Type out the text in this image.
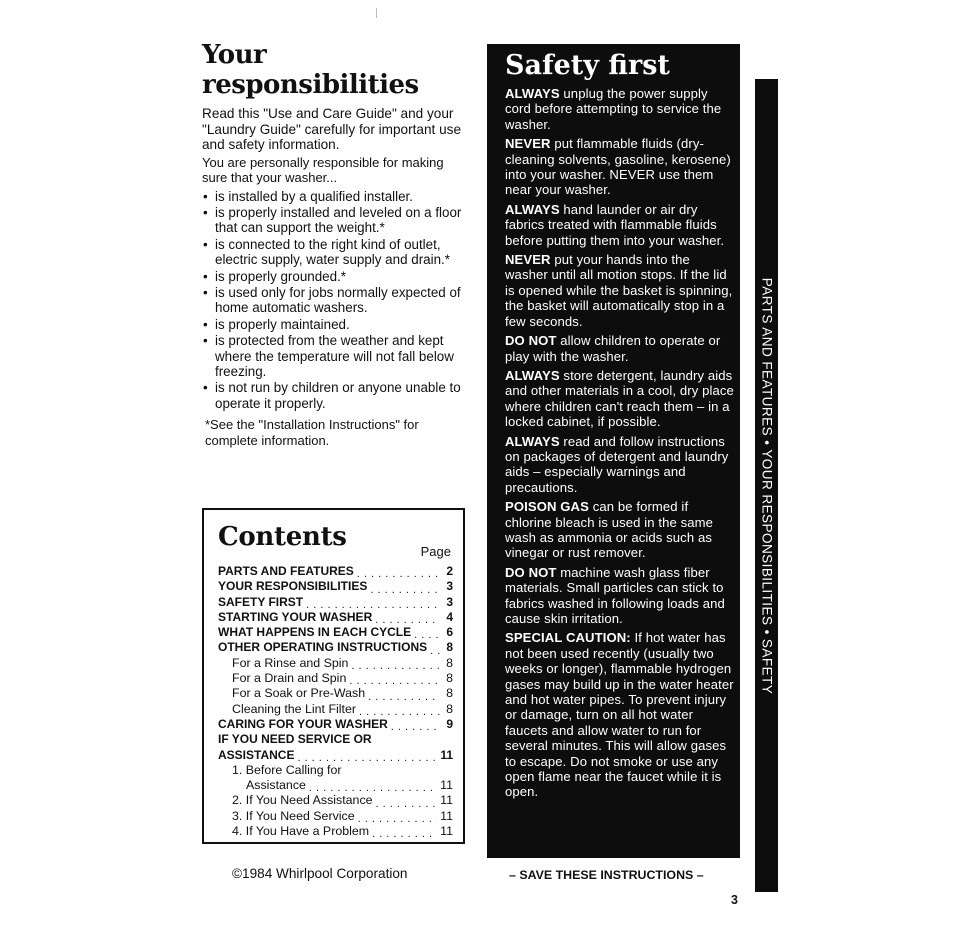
Your responsibilities

Read this "Use and Care Guide" and your "Laundry Guide" carefully for important use and safety information.

You are personally responsible for making sure that your washer...

• is installed by a qualified installer.
• is properly installed and leveled on a floor that can support the weight.*
• is connected to the right kind of outlet, electric supply, water supply and drain.*
• is properly grounded.*
• is used only for jobs normally expected of home automatic washers.
• is properly maintained.
• is protected from the weather and kept where the temperature will not fall below freezing.
• is not run by children or anyone unable to operate it properly.

*See the "Installation Instructions" for complete information.

Contents	Page
PARTS AND FEATURES . . .	2
YOUR RESPONSIBILITIES . . .	3
SAFETY FIRST . . .	3
STARTING YOUR WASHER . . .	4
WHAT HAPPENS IN EACH CYCLE . . .	6
OTHER OPERATING INSTRUCTIONS . . . 8
For a Rinse and Spin . . .	8
For a Drain and Spin . . .	8
For a Soak or Pre-Wash . . .	8
Cleaning the Lint Filter . . .	8
CARING FOR YOUR WASHER . . .	9
IF YOU NEED SERVICE OR
ASSISTANCE . . .	11
1. Before Calling for
Assistance . . .	11
2. If You Need Assistance . . .	11
3. If You Need Service . . .	11
4. If You Have a Problem . . .	11
Safety first

ALWAYS unplug the power supply cord before attempting to service the washer.

NEVER put flammable fluids (dry-cleaning solvents, gasoline, kerosene) into your washer. NEVER use them near your washer.

ALWAYS hand launder or air dry fabrics treated with flammable fluids before putting them into your washer.

NEVER put your hands into the washer until all motion stops. If the lid is opened while the basket is spinning, the basket will automatically stop in a few seconds.

DO NOT allow children to operate or play with the washer.

ALWAYS store detergent, laundry aids and other materials in a cool, dry place where children can't reach them – in a locked cabinet, if possible.

ALWAYS read and follow instructions on packages of detergent and laundry aids – especially warnings and precautions.

POISON GAS can be formed if chlorine bleach is used in the same wash as ammonia or acids such as vinegar or rust remover.

DO NOT machine wash glass fiber materials. Small particles can stick to fabrics washed in following loads and cause skin irritation.

SPECIAL CAUTION: If hot water has not been used recently (usually two weeks or longer), flammable hydrogen gases may build up in the water heater and hot water pipes. To prevent injury or damage, turn on all hot water faucets and allow water to run for several minutes. This will allow gases to escape. Do not smoke or use any open flame near the faucet while it is open.

PARTS AND FEATURES • YOUR RESPONSIBILITIES • SAFETY
©1984 Whirlpool Corporation	– SAVE THESE INSTRUCTIONS –
3
